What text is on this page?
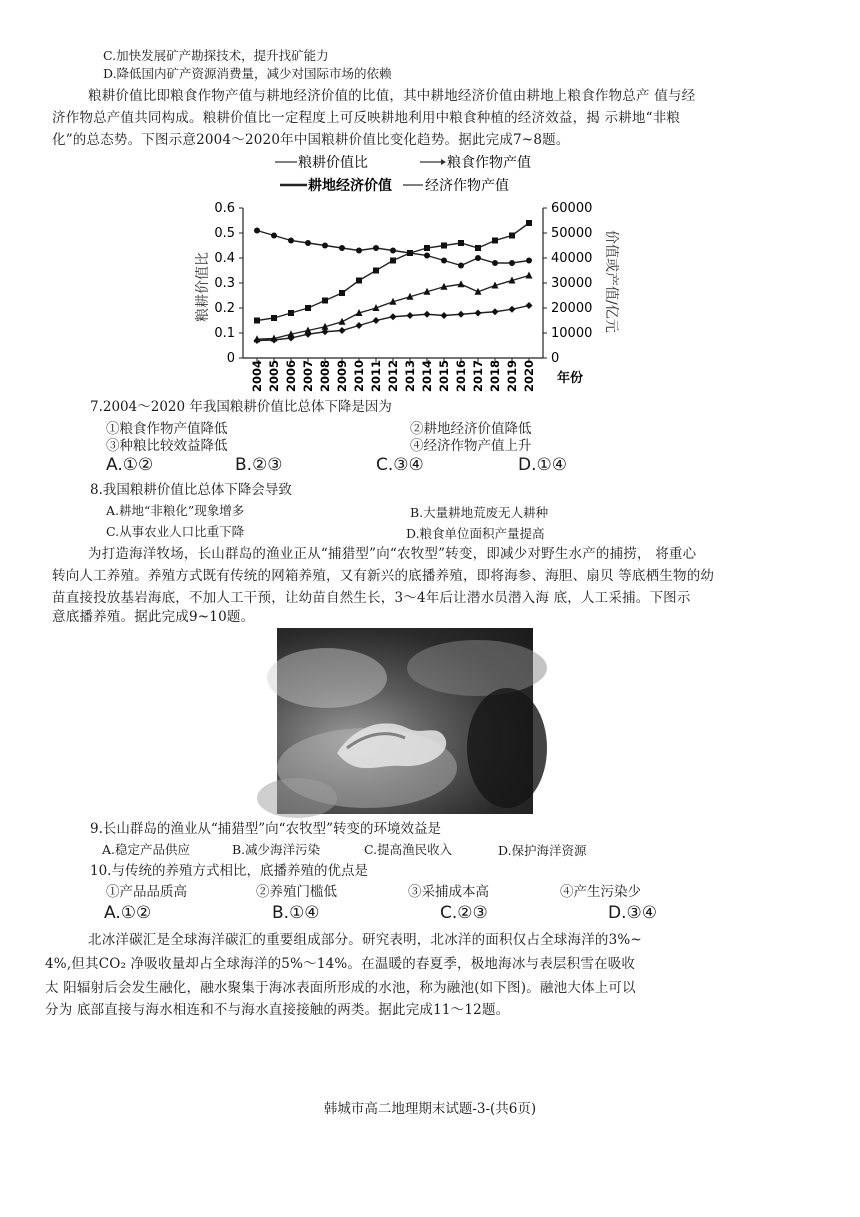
C.加快发展矿产勘探技术，提升找矿能力
D.降低国内矿产资源消费量，减少对国际市场的依赖
粮耕价值比即粮食作物产值与耕地经济价值的比值，其中耕地经济价值由耕地上粮食作物总产 值与经
济作物总产值共同构成。粮耕价值比一定程度上可反映耕地利用中粮食种植的经济效益，揭 示耕地“非粮
化”的总态势。下图示意2004～2020年中国粮耕价值比变化趋势。据此完成7~8题。
粮耕价值比	粮食作物产值
耕地经济价值 经济作物产值
0
0.1
0.2
0.3
0.4
0.5
0.6
0
10000
20000
30000
40000
50000
60000
2004 2005 2006 2007 2008 2009 2010 2011 2012 2013 2014 2015 2016 2017 2018 2019 2020
粮耕价值比	价值或产值/亿元
年份
7.2004～2020 年我国粮耕价值比总体下降是因为
①粮食作物产值降低	②耕地经济价值降低
③种粮比较效益降低	④经济作物产值上升
A.①②	B.②③	C.③④	D.①④
8.我国粮耕价值比总体下降会导致
A.耕地“非粮化”现象增多	B.大量耕地荒废无人耕种
C.从事农业人口比重下降	D.粮食单位面积产量提高
为打造海洋牧场，长山群岛的渔业正从“捕猎型”向“农牧型”转变，即减少对野生水产的捕捞， 将重心
转向人工养殖。养殖方式既有传统的网箱养殖，又有新兴的底播养殖，即将海参、海胆、扇贝 等底栖生物的幼
苗直接投放基岩海底，不加人工干预，让幼苗自然生长，3～4年后让潜水员潜入海 底，人工采捕。下图示
意底播养殖。据此完成9~10题。
9.长山群岛的渔业从“捕猎型”向“农牧型”转变的环境效益是
A.稳定产品供应	B.减少海洋污染	C.提高渔民收入	D.保护海洋资源
10.与传统的养殖方式相比，底播养殖的优点是
①产品品质高	②养殖门槛低	③采捕成本高	④产生污染少
A.①②	B.①④	C.②③	D.③④
北冰洋碳汇是全球海洋碳汇的重要组成部分。研究表明，北冰洋的面积仅占全球海洋的3%~
4%,但其CO₂ 净吸收量却占全球海洋的5%～14%。在温暖的春夏季，极地海冰与表层积雪在吸收
太 阳辐射后会发生融化，融水聚集于海冰表面所形成的水池，称为融池(如下图)。融池大体上可以
分为 底部直接与海水相连和不与海水直接接触的两类。据此完成11～12题。
韩城市高二地理期末试题-3-(共6页)
